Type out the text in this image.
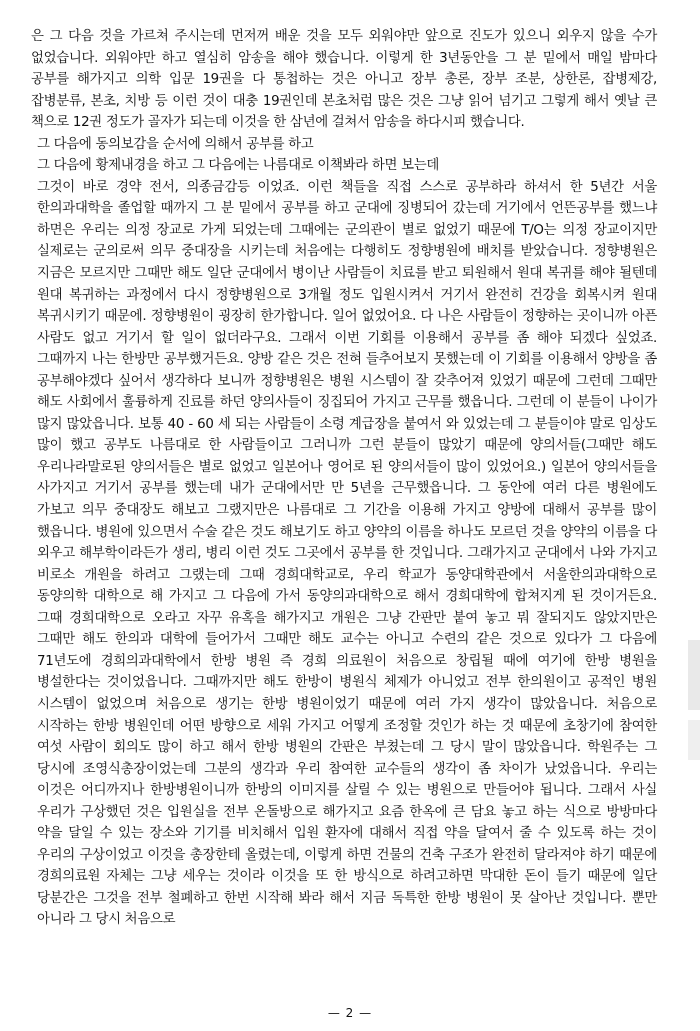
은 그 다음 것을 가르쳐 주시는데 먼저꺼 배운 것을 모두 외워야만 앞으로 진도가 있으니 외우지 않을 수가 없었습니다. 외워야만 하고 열심히 암송을 해야 했습니다. 이렇게 한 3년동안을 그 분 밑에서 매일 밤마다 공부를 해가지고 의학 입문 19권을 다 통첩하는 것은 아니고 장부 총론, 장부 조분, 상한론, 잡병제강, 잡병분류, 본초, 치방 등 이런 것이 대충 19권인데 본초처럼 많은 것은 그냥 읽어 넘기고 그렇게 해서 옛날 큰 책으로 12권 정도가 골자가 되는데 이것을 한 삼년에 걸쳐서 암송을 하다시피 했습니다.

그 다음에 동의보감을 순서에 의해서 공부를 하고

그 다음에 황제내경을 하고 그 다음에는 나름대로 이책봐라 하면 보는데

그것이 바로 경약 전서, 의종금감등 이었죠. 이런 책들을 직접 스스로 공부하라 하셔서 한 5년간 서울 한의과대학을 졸업할 때까지 그 분 밑에서 공부를 하고 군대에 징병되어 갔는데 거기에서 언뜬공부를 했느냐 하면은 우리는 의정 장교로 가게 되었는데 그때에는 군의관이 별로 없었기 때문에 T/O는 의정 장교이지만 실제로는 군의로써 의무 중대장을 시키는데 처음에는 다행히도 정향병원에 배치를 받았습니다. 정향병원은 지금은 모르지만 그때만 해도 일단 군대에서 병이난 사람들이 치료를 받고 퇴원해서 원대 복귀를 해야 될텐데 원대 복귀하는 과정에서 다시 정향병원으로 3개월 정도 입원시켜서 거기서 완전히 건강을 회복시켜 원대 복귀시키기 때문에. 정향병원이 굉장히 한가합니다. 일어 없었어요. 다 나은 사람들이 정향하는 곳이니까 아픈 사람도 없고 거기서 할 일이 없더라구요. 그래서 이번 기회를 이용해서 공부를 좀 해야 되겠다 싶었죠. 그때까지 나는 한방만 공부했거든요. 양방 같은 것은 전혀 들추어보지 못했는데 이 기회를 이용해서 양방을 좀 공부해야겠다 싶어서 생각하다 보니까 정향병원은 병원 시스템이 잘 갖추어져 있었기 때문에 그런데 그때만 해도 사회에서 훌륭하게 진료를 하던 양의사들이 징집되어 가지고 근무를 했읍니다. 그런데 이 분들이 나이가 많지 많았읍니다. 보통 40 - 60 세 되는 사람들이 소령 계급장을 붙여서 와 있었는데 그 분들이야 말로 임상도 많이 했고 공부도 나름대로 한 사람들이고 그러니까 그런 분들이 많았기 때문에 양의서들(그때만 해도 우리나라말로된 양의서들은 별로 없었고 일본어나 영어로 된 양의서들이 많이 있었어요.) 일본어 양의서들을 사가지고 거기서 공부를 했는데 내가 군대에서만 만 5년을 근무했읍니다. 그 동안에 여러 다른 병원에도 가보고 의무 중대장도 해보고 그랬지만은 나름대로 그 기간을 이용해 가지고 양방에 대해서 공부를 많이 했읍니다. 병원에 있으면서 수술 같은 것도 해보기도 하고 양약의 이름을 하나도 모르던 것을 양약의 이름을 다 외우고 해부학이라든가 생리, 병리 이런 것도 그곳에서 공부를 한 것입니다. 그래가지고 군대에서 나와 가지고 비로소 개원을 하려고 그랬는데 그때 경희대학교로, 우리 학교가 동양대학관에서 서울한의과대학으로 동양의학 대학으로 해 가지고 그 다음에 가서 동양의과대학으로 해서 경희대학에 합쳐지게 된 것이거든요. 그때 경희대학으로 오라고 자꾸 유혹을 해가지고 개원은 그냥 간판만 붙여 놓고 뭐 잘되지도 않았지만은 그때만 해도 한의과 대학에 들어가서 그때만 해도 교수는 아니고 수련의 같은 것으로 있다가 그 다음에 71년도에 경희의과대학에서 한방 병원 즉 경희 의료원이 처음으로 창립될 때에 여기에 한방 병원을 병설한다는 것이었읍니다. 그때까지만 해도 한방이 병원식 체제가 아니었고 전부 한의원이고 공적인 병원 시스템이 없었으며 처음으로 생기는 한방 병원이었기 때문에 여러 가지 생각이 많았읍니다. 처음으로 시작하는 한방 병원인데 어떤 방향으로 세워 가지고 어떻게 조정할 것인가 하는 것 때문에 초창기에 참여한 여섯 사람이 회의도 많이 하고 해서 한방 병원의 간판은 부쳤는데 그 당시 말이 많았읍니다. 학원주는 그 당시에 조영식총장이었는데 그분의 생각과 우리 참여한 교수들의 생각이 좀 차이가 났었읍니다. 우리는 이것은 어디까지나 한방병원이니까 한방의 이미지를 살릴 수 있는 병원으로 만들어야 됩니다. 그래서 사실 우리가 구상했던 것은 입원실을 전부 온돌방으로 해가지고 요즘 한옥에 큰 담요 놓고 하는 식으로 방방마다 약을 달일 수 있는 장소와 기기를 비치해서 입원 환자에 대해서 직접 약을 달여서 줄 수 있도록 하는 것이 우리의 구상이었고 이것을 총장한테 올렸는데, 이렇게 하면 건물의 건축 구조가 완전히 달라져야 하기 때문에 경희의료원 자체는 그냥 세우는 것이라 이것을 또 한 방식으로 하려고하면 막대한 돈이 들기 때문에 일단 당분간은 그것을 전부 철폐하고 한번 시작해 봐라 해서 지금 독특한 한방 병원이 못 살아난 것입니다. 뿐만 아니라 그 당시 처음으로

— 2 —
